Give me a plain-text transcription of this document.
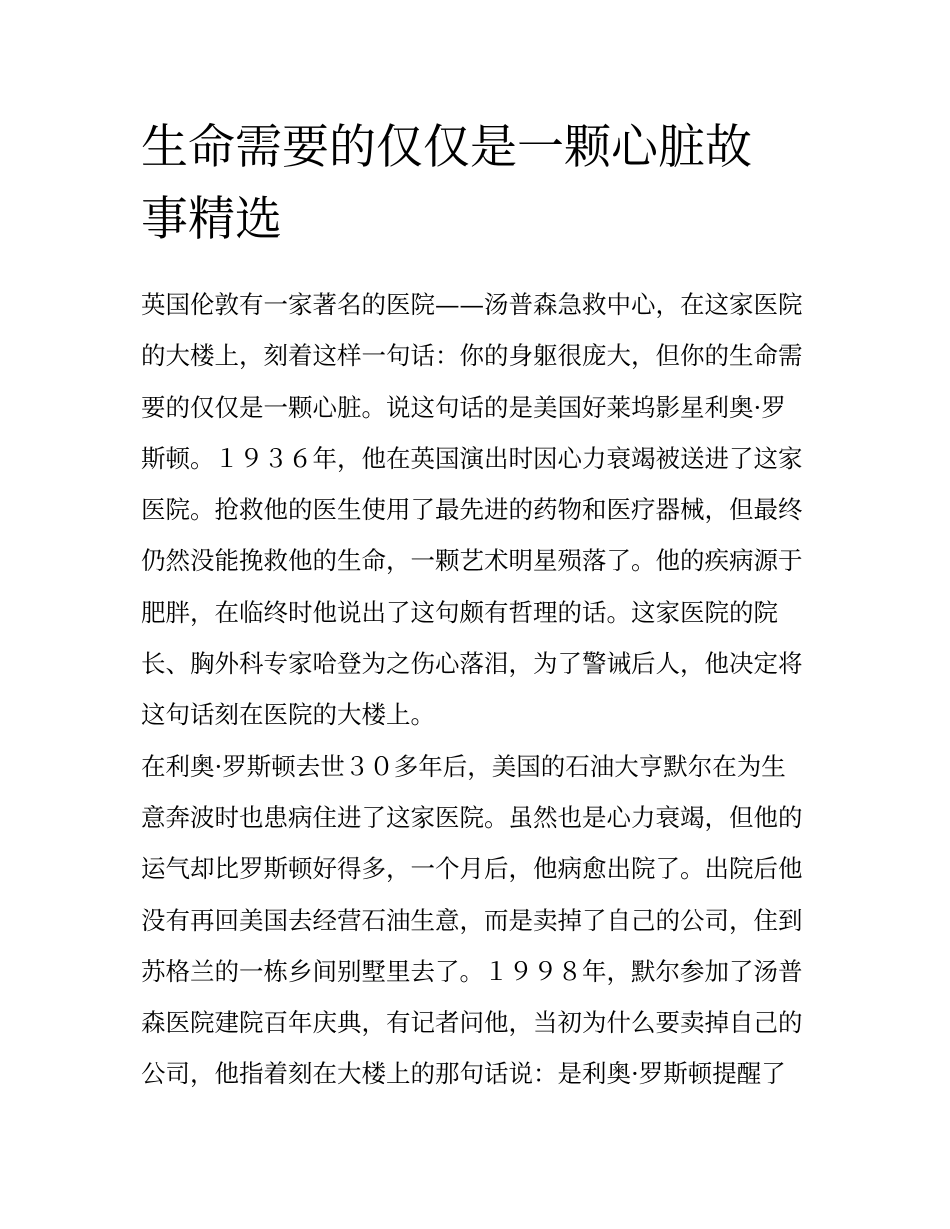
生命需要的仅仅是一颗心脏故
事精选
英国伦敦有一家著名的医院——汤普森急救中心，在这家医院
的大楼上，刻着这样一句话：你的身躯很庞大，但你的生命需
要的仅仅是一颗心脏。说这句话的是美国好莱坞影星利奥·罗
斯顿。１９３６年，他在英国演出时因心力衰竭被送进了这家
医院。抢救他的医生使用了最先进的药物和医疗器械，但最终
仍然没能挽救他的生命，一颗艺术明星殒落了。他的疾病源于
肥胖，在临终时他说出了这句颇有哲理的话。这家医院的院
长、胸外科专家哈登为之伤心落泪，为了警诫后人，他决定将
这句话刻在医院的大楼上。
在利奥·罗斯顿去世３０多年后，美国的石油大亨默尔在为生
意奔波时也患病住进了这家医院。虽然也是心力衰竭，但他的
运气却比罗斯顿好得多，一个月后，他病愈出院了。出院后他
没有再回美国去经营石油生意，而是卖掉了自己的公司，住到
苏格兰的一栋乡间别墅里去了。１９９８年，默尔参加了汤普
森医院建院百年庆典，有记者问他，当初为什么要卖掉自己的
公司，他指着刻在大楼上的那句话说：是利奥·罗斯顿提醒了
